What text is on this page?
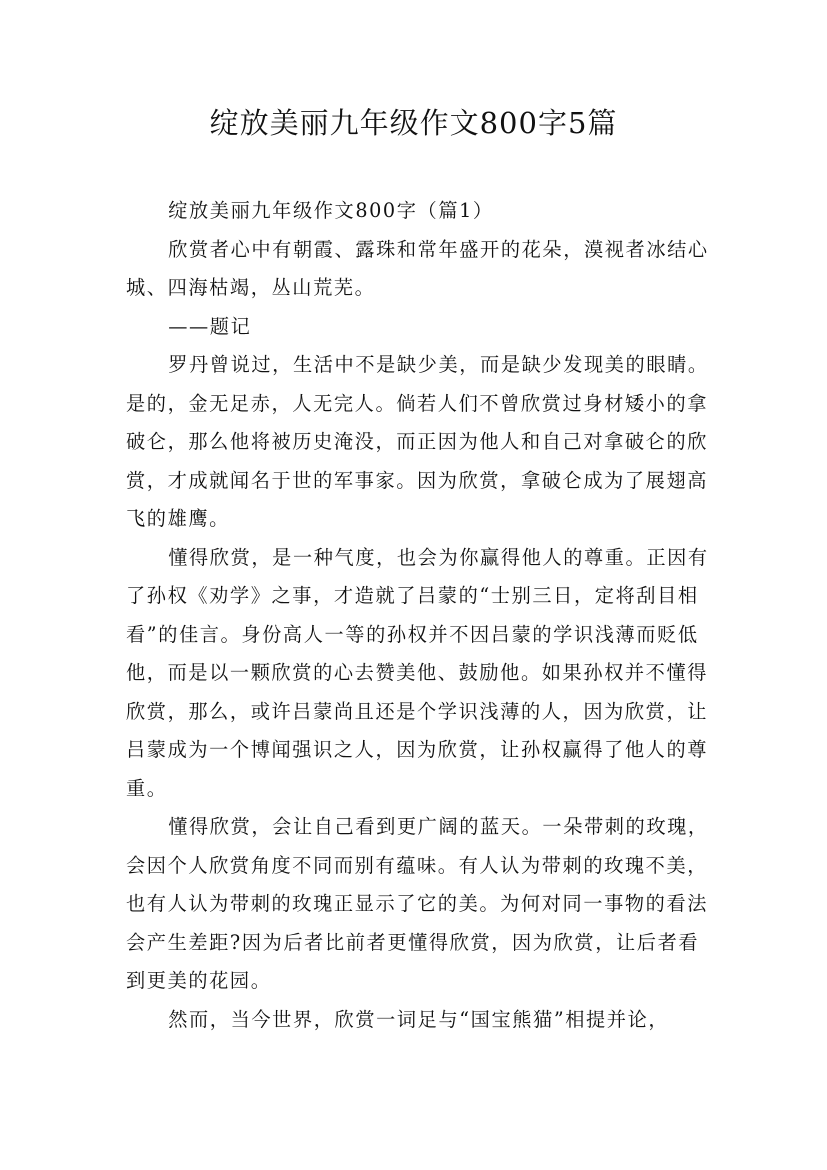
绽放美丽九年级作文800字5篇

绽放美丽九年级作文800字（篇1）

欣赏者心中有朝霞、露珠和常年盛开的花朵，漠视者冰结心城、四海枯竭，丛山荒芜。

——题记

罗丹曾说过，生活中不是缺少美，而是缺少发现美的眼睛。是的，金无足赤，人无完人。倘若人们不曾欣赏过身材矮小的拿破仑，那么他将被历史淹没，而正因为他人和自己对拿破仑的欣赏，才成就闻名于世的军事家。因为欣赏，拿破仑成为了展翅高飞的雄鹰。

懂得欣赏，是一种气度，也会为你赢得他人的尊重。正因有了孙权《劝学》之事，才造就了吕蒙的“士别三日，定将刮目相看”的佳言。身份高人一等的孙权并不因吕蒙的学识浅薄而贬低他，而是以一颗欣赏的心去赞美他、鼓励他。如果孙权并不懂得欣赏，那么，或许吕蒙尚且还是个学识浅薄的人，因为欣赏，让吕蒙成为一个博闻强识之人，因为欣赏，让孙权赢得了他人的尊重。

懂得欣赏，会让自己看到更广阔的蓝天。一朵带刺的玫瑰，会因个人欣赏角度不同而别有蕴味。有人认为带刺的玫瑰不美，也有人认为带刺的玫瑰正显示了它的美。为何对同一事物的看法会产生差距?因为后者比前者更懂得欣赏，因为欣赏，让后者看到更美的花园。

然而，当今世界，欣赏一词足与“国宝熊猫”相提并论，
